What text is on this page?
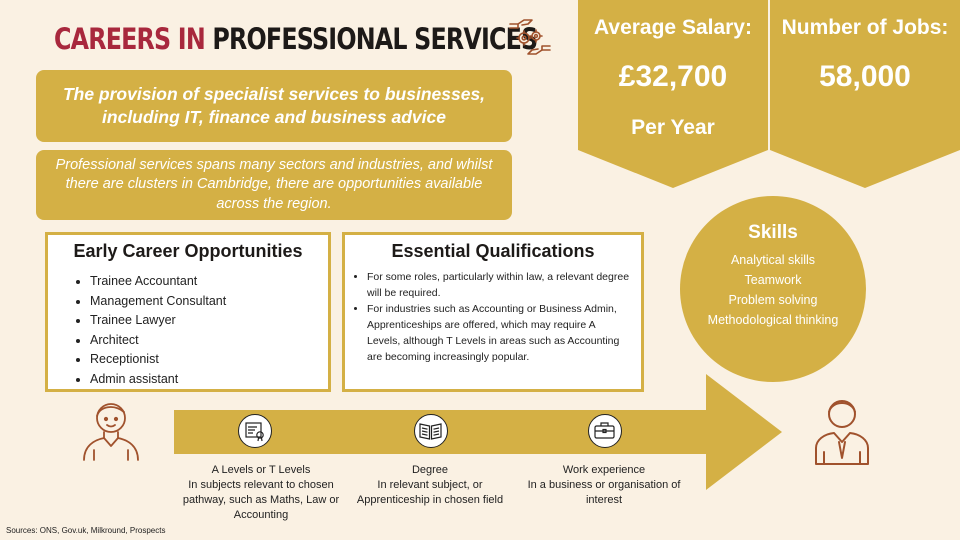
CAREERS IN PROFESSIONAL SERVICES
The provision of specialist services to businesses, including IT, finance and business advice
Professional services spans many sectors and industries, and whilst there are clusters in Cambridge, there are opportunities available across the region.
Average Salary:
£32,700
Per Year
Number of Jobs:
58,000
Early Career Opportunities
• Trainee Accountant
• Management Consultant
• Trainee Lawyer
• Architect
• Receptionist
• Admin assistant
Essential Qualifications
• For some roles, particularly within law, a relevant degree will be required.
• For industries such as Accounting or Business Admin, Apprenticeships are offered, which may require A Levels, although T Levels in areas such as Accounting are becoming increasingly popular.
Skills
Analytical skills
Teamwork
Problem solving
Methodological thinking
A Levels or T Levels
In subjects relevant to chosen pathway, such as Maths, Law or Accounting
Degree
In relevant subject, or Apprenticeship in chosen field
Work experience
In a business or organisation of interest
Sources: ONS, Gov.uk, Milkround, Prospects
